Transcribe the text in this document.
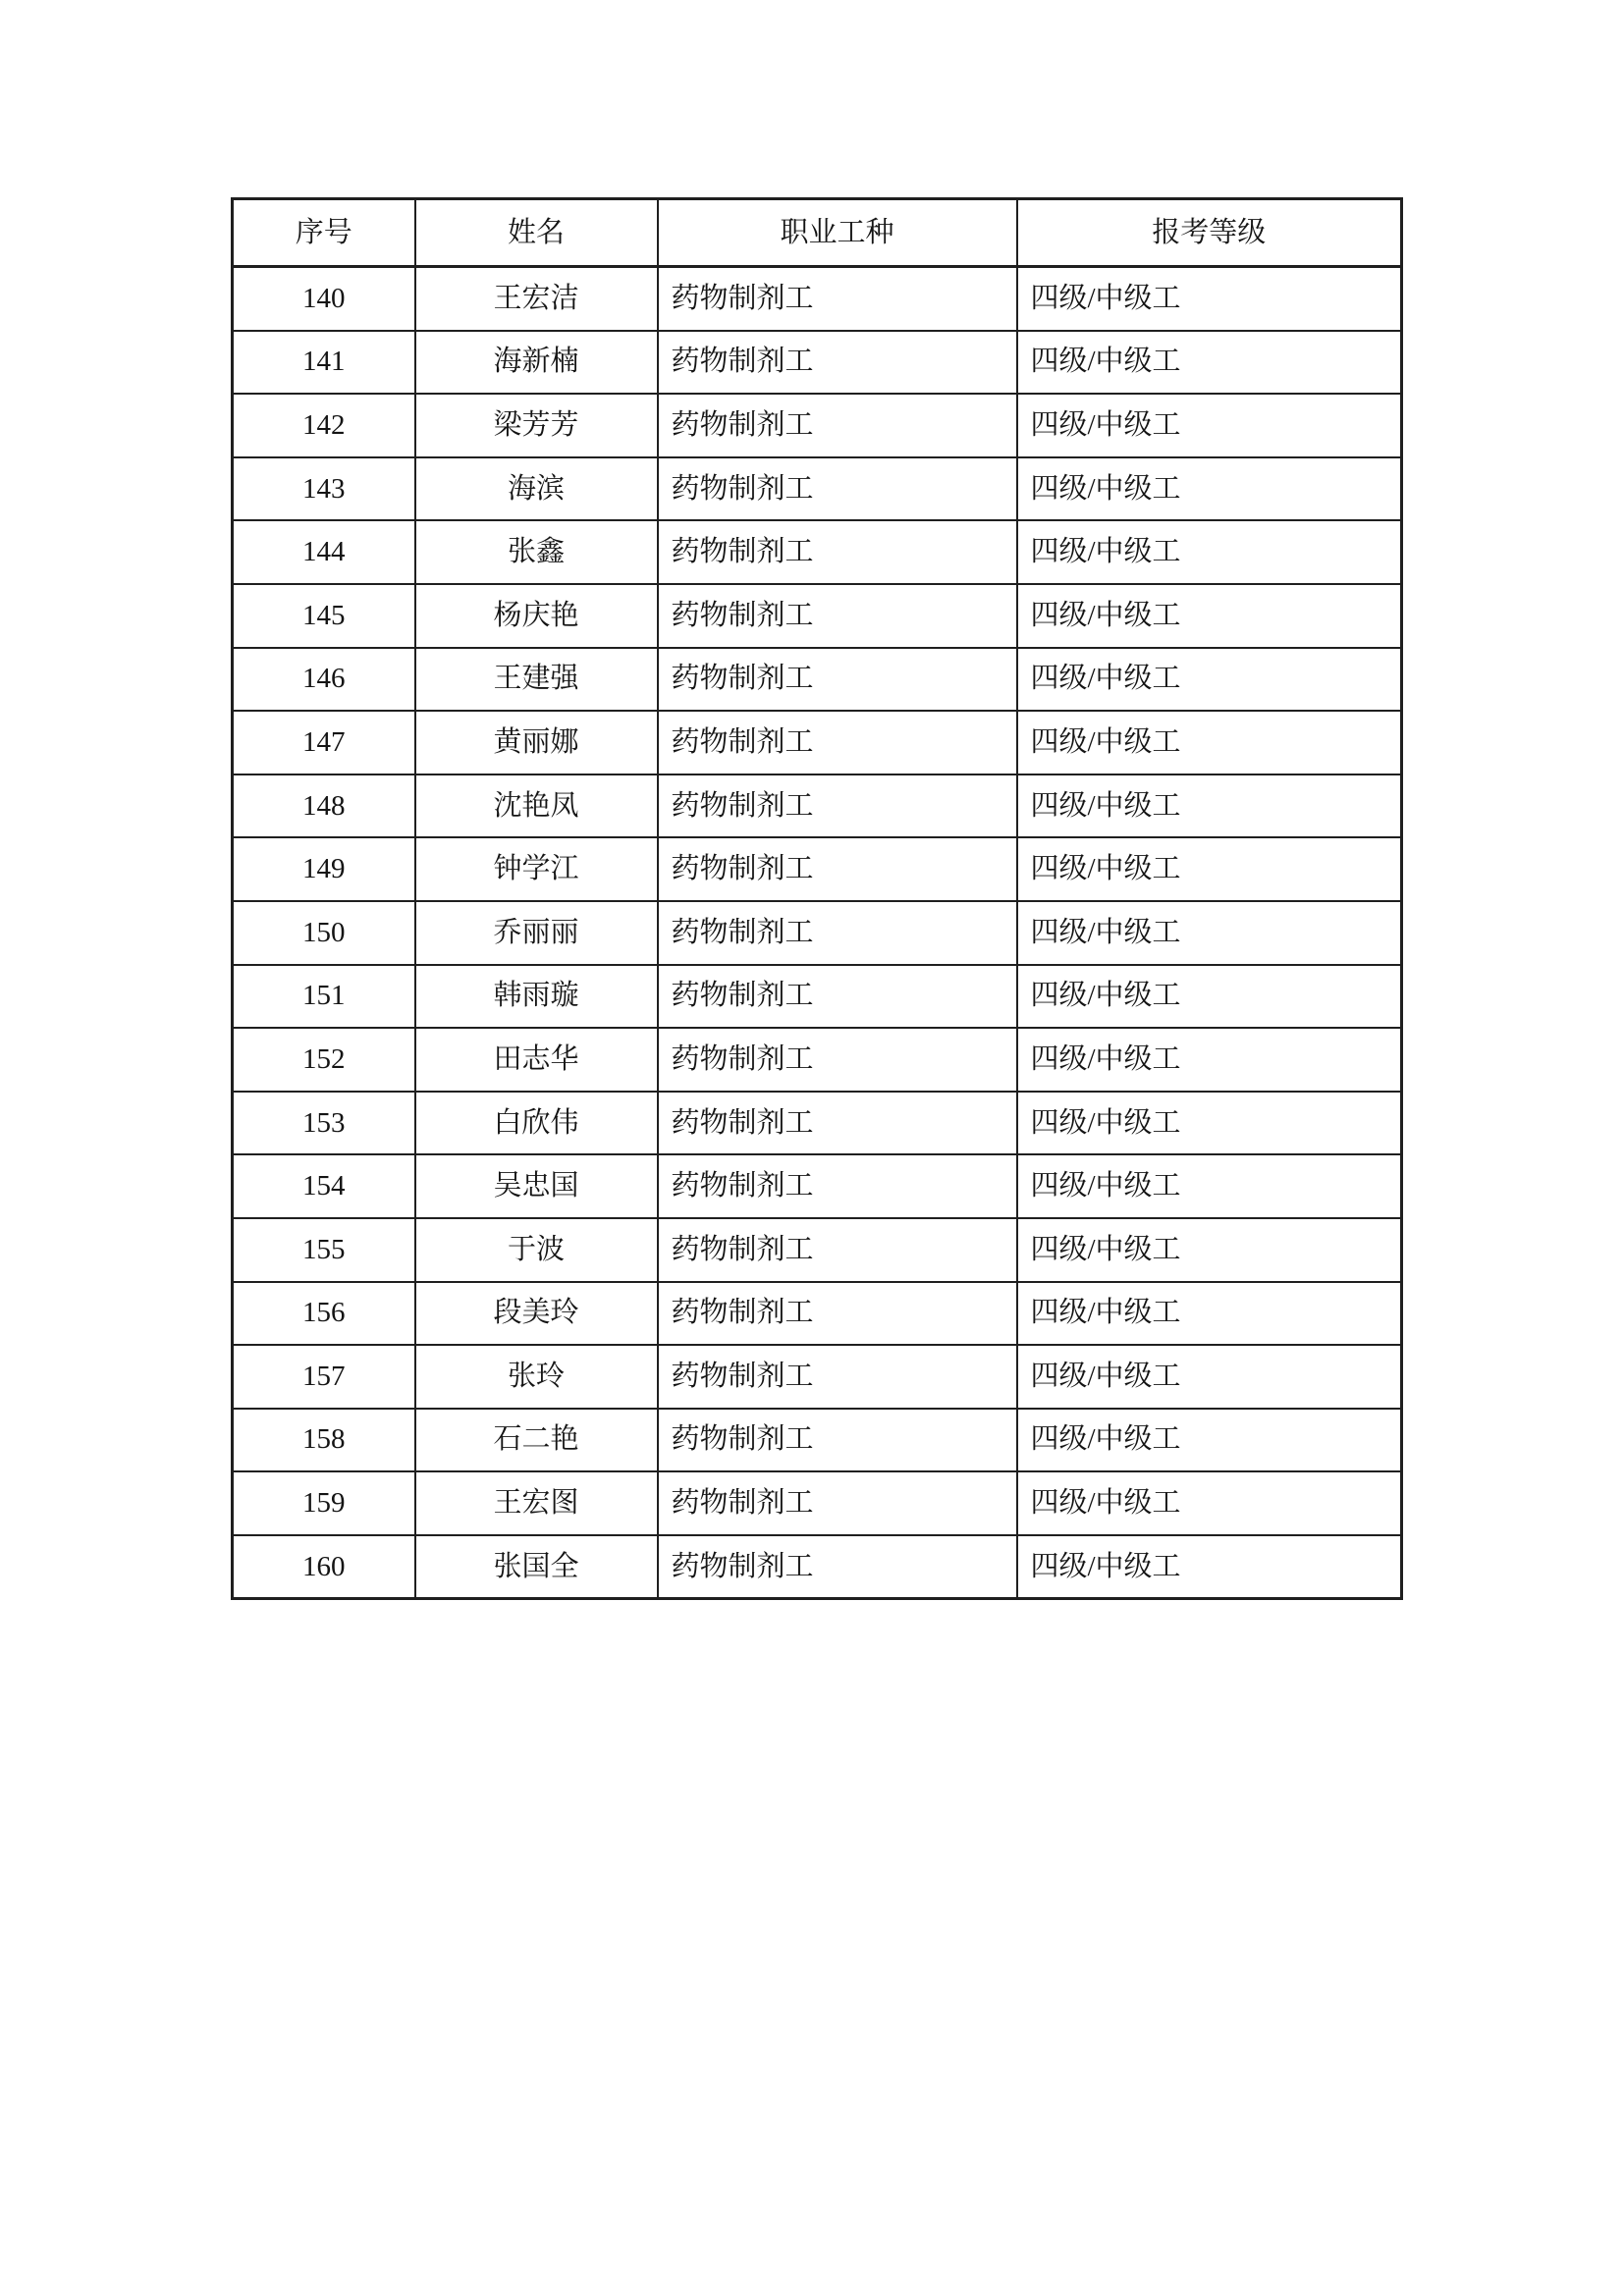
序号	姓名	职业工种	报考等级
140	王宏洁	药物制剂工	四级/中级工
141	海新楠	药物制剂工	四级/中级工
142	梁芳芳	药物制剂工	四级/中级工
143	海滨	药物制剂工	四级/中级工
144	张鑫	药物制剂工	四级/中级工
145	杨庆艳	药物制剂工	四级/中级工
146	王建强	药物制剂工	四级/中级工
147	黄丽娜	药物制剂工	四级/中级工
148	沈艳凤	药物制剂工	四级/中级工
149	钟学江	药物制剂工	四级/中级工
150	乔丽丽	药物制剂工	四级/中级工
151	韩雨璇	药物制剂工	四级/中级工
152	田志华	药物制剂工	四级/中级工
153	白欣伟	药物制剂工	四级/中级工
154	吴忠国	药物制剂工	四级/中级工
155	于波	药物制剂工	四级/中级工
156	段美玲	药物制剂工	四级/中级工
157	张玲	药物制剂工	四级/中级工
158	石二艳	药物制剂工	四级/中级工
159	王宏图	药物制剂工	四级/中级工
160	张国全	药物制剂工	四级/中级工
